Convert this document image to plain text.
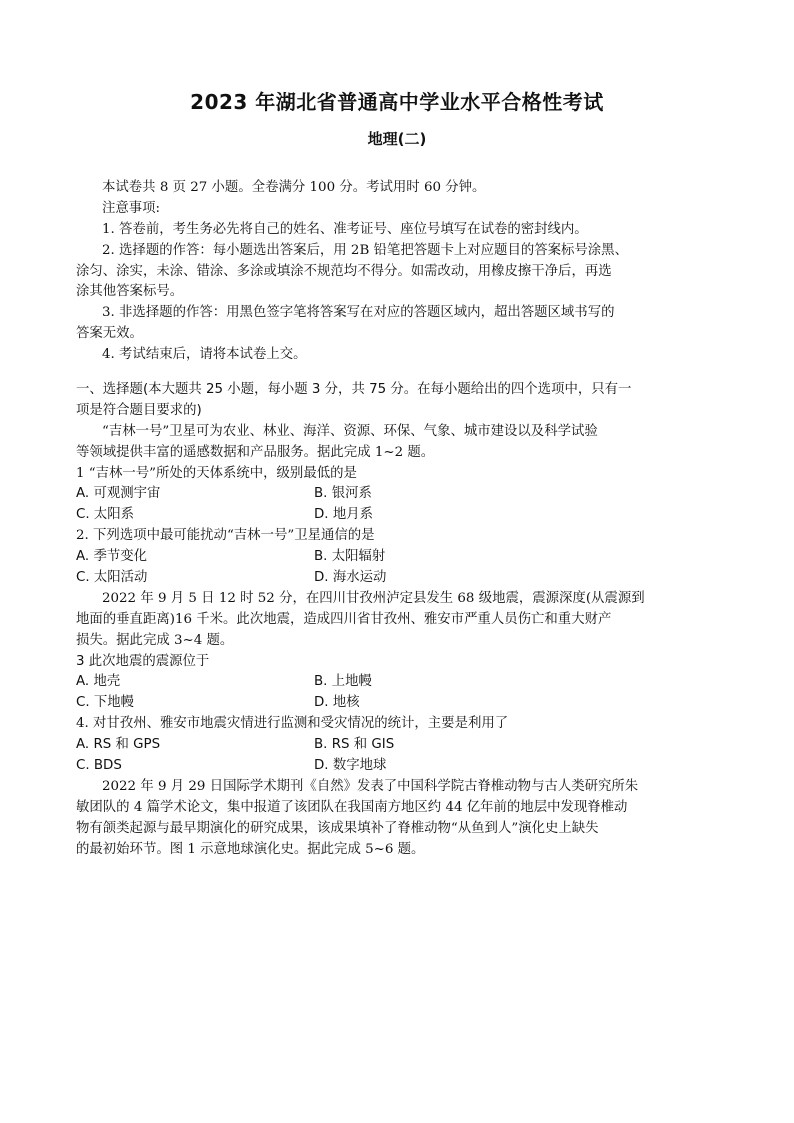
2023 年湖北省普通高中学业水平合格性考试
地理(二)
本试卷共 8 页 27 小题。全卷满分 100 分。考试用时 60 分钟。
注意事项:
1. 答卷前，考生务必先将自己的姓名、准考证号、座位号填写在试卷的密封线内。
2. 选择题的作答：每小题选出答案后，用 2B 铅笔把答题卡上对应题目的答案标号涂黑、
涂匀、涂实，未涂、错涂、多涂或填涂不规范均不得分。如需改动，用橡皮擦干净后，再选
涂其他答案标号。
3. 非选择题的作答：用黑色签字笔将答案写在对应的答题区域内，超出答题区域书写的
答案无效。
4. 考试结束后，请将本试卷上交。
一、选择题(本大题共 25 小题，每小题 3 分，共 75 分。在每小题给出的四个选项中，只有一
项是符合题目要求的)
“吉林一号”卫星可为农业、林业、海洋、资源、环保、气象、城市建设以及科学试验
等领域提供丰富的遥感数据和产品服务。据此完成 1~2 题。
1 “吉林一号”所处的天体系统中，级别最低的是
A. 可观测宇宙	B. 银河系
C. 太阳系	D. 地月系
2. 下列选项中最可能扰动“吉林一号”卫星通信的是
A. 季节变化	B. 太阳辐射
C. 太阳活动	D. 海水运动
2022 年 9 月 5 日 12 时 52 分，在四川甘孜州泸定县发生 68 级地震，震源深度(从震源到
地面的垂直距离)16 千米。此次地震，造成四川省甘孜州、雅安市严重人员伤亡和重大财产
损失。据此完成 3~4 题。
3 此次地震的震源位于
A. 地壳	B. 上地幔
C. 下地幔	D. 地核
4. 对甘孜州、雅安市地震灾情进行监测和受灾情况的统计，主要是利用了
A. RS 和 GPS	B. RS 和 GIS
C. BDS	D. 数字地球
2022 年 9 月 29 日国际学术期刊《自然》发表了中国科学院古脊椎动物与古人类研究所朱
敏团队的 4 篇学术论文，集中报道了该团队在我国南方地区约 44 亿年前的地层中发现脊椎动
物有颌类起源与最早期演化的研究成果，该成果填补了脊椎动物“从鱼到人”演化史上缺失
的最初始环节。图 1 示意地球演化史。据此完成 5~6 题。
